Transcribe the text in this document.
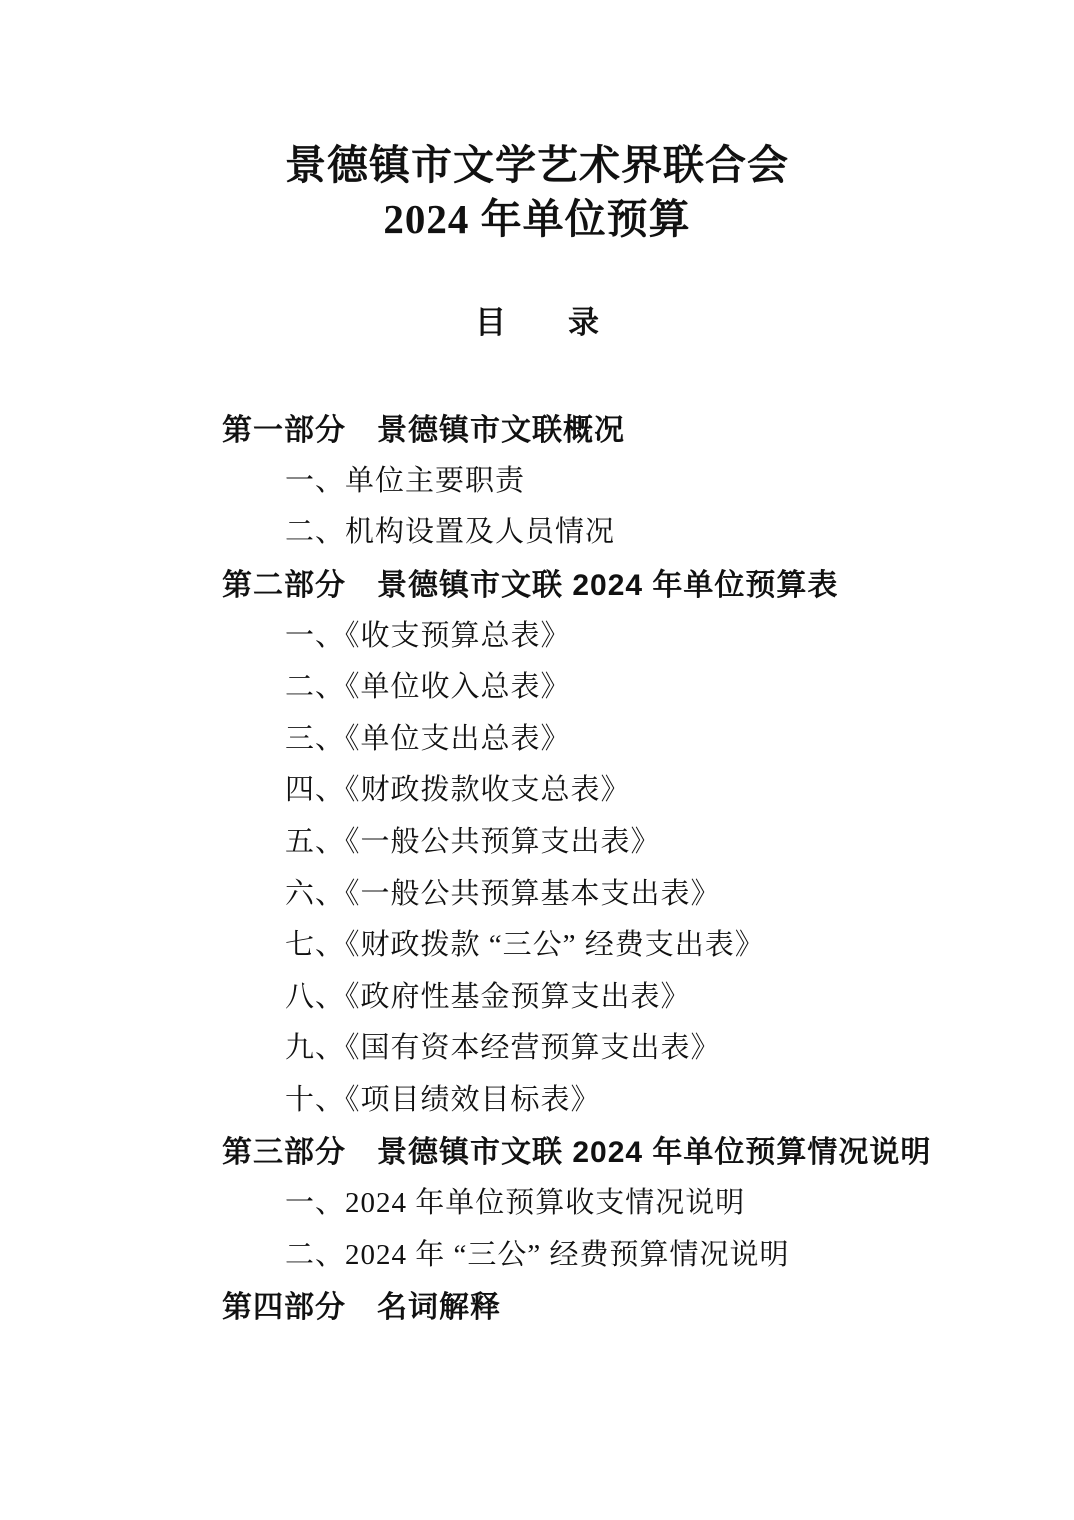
景德镇市文学艺术界联合会
2024 年单位预算
目　　录
第一部分　景德镇市文联概况
一、单位主要职责
二、机构设置及人员情况
第二部分　景德镇市文联 2024 年单位预算表
一、《收支预算总表》
二、《单位收入总表》
三、《单位支出总表》
四、《财政拨款收支总表》
五、《一般公共预算支出表》
六、《一般公共预算基本支出表》
七、《财政拨款 “三公” 经费支出表》
八、《政府性基金预算支出表》
九、《国有资本经营预算支出表》
十、《项目绩效目标表》
第三部分　景德镇市文联 2024 年单位预算情况说明
一、2024 年单位预算收支情况说明
二、2024 年 “三公” 经费预算情况说明
第四部分　名词解释
